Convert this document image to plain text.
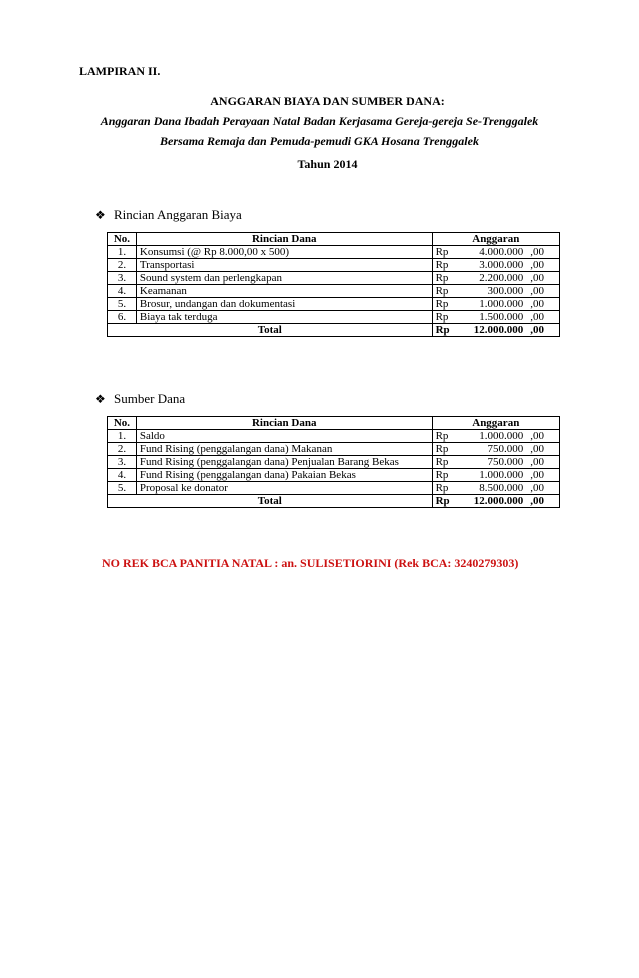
LAMPIRAN II.
ANGGARAN BIAYA DAN SUMBER DANA:
Anggaran Dana Ibadah Perayaan Natal Badan Kerjasama Gereja-gereja Se-Trenggalek
Bersama Remaja dan Pemuda-pemudi GKA Hosana Trenggalek
Tahun 2014
❖ Rincian Anggaran Biaya
No.	Rincian Dana	Anggaran		
1.	Konsumsi (@ Rp 8.000,00 x 500)	Rp	4.000.000	,00
2.	Transportasi	Rp	3.000.000	,00
3.	Sound system dan perlengkapan	Rp	2.200.000	,00
4.	Keamanan	Rp	300.000	,00
5.	Brosur, undangan dan dokumentasi	Rp	1.000.000	,00
6.	Biaya tak terduga	Rp	1.500.000	,00
Total		Rp	12.000.000	,00
❖ Sumber Dana
No.	Rincian Dana	Anggaran		
1.	Saldo	Rp	1.000.000	,00
2.	Fund Rising (penggalangan dana) Makanan	Rp	750.000	,00
3.	Fund Rising (penggalangan dana) Penjualan Barang Bekas	Rp	750.000	,00
4.	Fund Rising (penggalangan dana) Pakaian Bekas	Rp	1.000.000	,00
5.	Proposal ke donator	Rp	8.500.000	,00
Total		Rp	12.000.000	,00
NO REK BCA PANITIA NATAL : an. SULISETIORINI (Rek BCA: 3240279303)
